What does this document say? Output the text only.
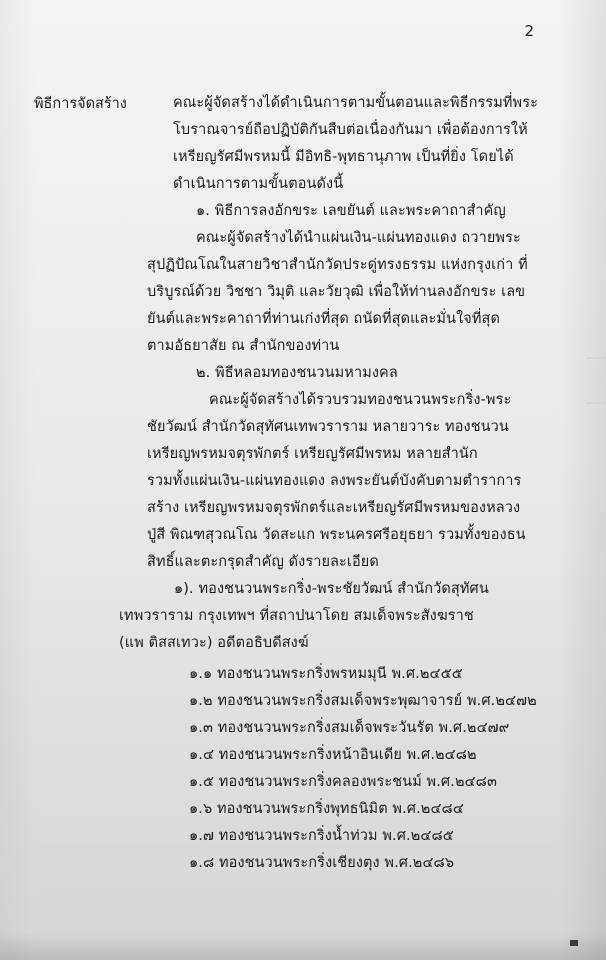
2
พิธีการจัดสร้าง	คณะผู้จัดสร้างได้ดำเนินการตามขั้นตอนและพิธีกรรมที่พระ
โบราณจารย์ถือปฏิบัติกันสืบต่อเนื่องกันมา เพื่อต้องการให้
เหรียญรัศมีพรหมนี้ มีอิทธิ-พุทธานุภาพ เป็นที่ยิ่ง โดยได้
ดำเนินการตามขั้นตอนดังนี้
๑. พิธีการลงอักขระ เลขยันต์ และพระคาถาสำคัญ
คณะผู้จัดสร้างได้นำแผ่นเงิน-แผ่นทองแดง ถวายพระ
สุปฏิปัณโณในสายวิชาสำนักวัดประดู่ทรงธรรม แห่งกรุงเก่า ที่
บริบูรณ์ด้วย วิชชา วิมุติ และวัยวุฒิ เพื่อให้ท่านลงอักขระ เลข
ยันต์และพระคาถาที่ท่านเก่งที่สุด ถนัดที่สุดและมั่นใจที่สุด
ตามอัธยาสัย ณ สำนักของท่าน
๒. พิธีหลอมทองชนวนมหามงคล
คณะผู้จัดสร้างได้รวบรวมทองชนวนพระกริ่ง-พระ
ชัยวัฒน์ สำนักวัดสุทัศนเทพวราราม หลายวาระ ทองชนวน
เหรียญพรหมจตุรพักตร์ เหรียญรัศมีพรหม หลายสำนัก
รวมทั้งแผ่นเงิน-แผ่นทองแดง ลงพระยันต์บังคับตามตำราการ
สร้าง เหรียญพรหมจตุรพักตร์และเหรียญรัศมีพรหมของหลวง
ปู่สี พิณฑสุวณโณ วัดสะแก พระนครศรีอยุธยา รวมทั้งของธน
สิทธิ์และตะกรุดสำคัญ ดังรายละเอียด
๑). ทองชนวนพระกริ่ง-พระชัยวัฒน์ สำนักวัดสุทัศน
เทพวราราม กรุงเทพฯ ที่สถาปนาโดย สมเด็จพระสังฆราช
(แพ ติสสเทวะ) อดีตอธิบดีสงฆ์
๑.๑ ทองชนวนพระกริ่งพรหมมุนี พ.ศ.๒๔๕๕
๑.๒ ทองชนวนพระกริ่งสมเด็จพระพุฒาจารย์ พ.ศ.๒๔๗๒
๑.๓ ทองชนวนพระกริ่งสมเด็จพระวันรัต พ.ศ.๒๔๗๙
๑.๔ ทองชนวนพระกริ่งหน้าอินเดีย พ.ศ.๒๔๘๒
๑.๕ ทองชนวนพระกริ่งคลองพระชนม์ พ.ศ.๒๔๘๓
๑.๖ ทองชนวนพระกริ่งพุทธนิมิต พ.ศ.๒๔๘๔
๑.๗ ทองชนวนพระกริ่งน้ำท่วม พ.ศ.๒๔๘๕
๑.๘ ทองชนวนพระกริ่งเชียงตุง พ.ศ.๒๔๘๖
